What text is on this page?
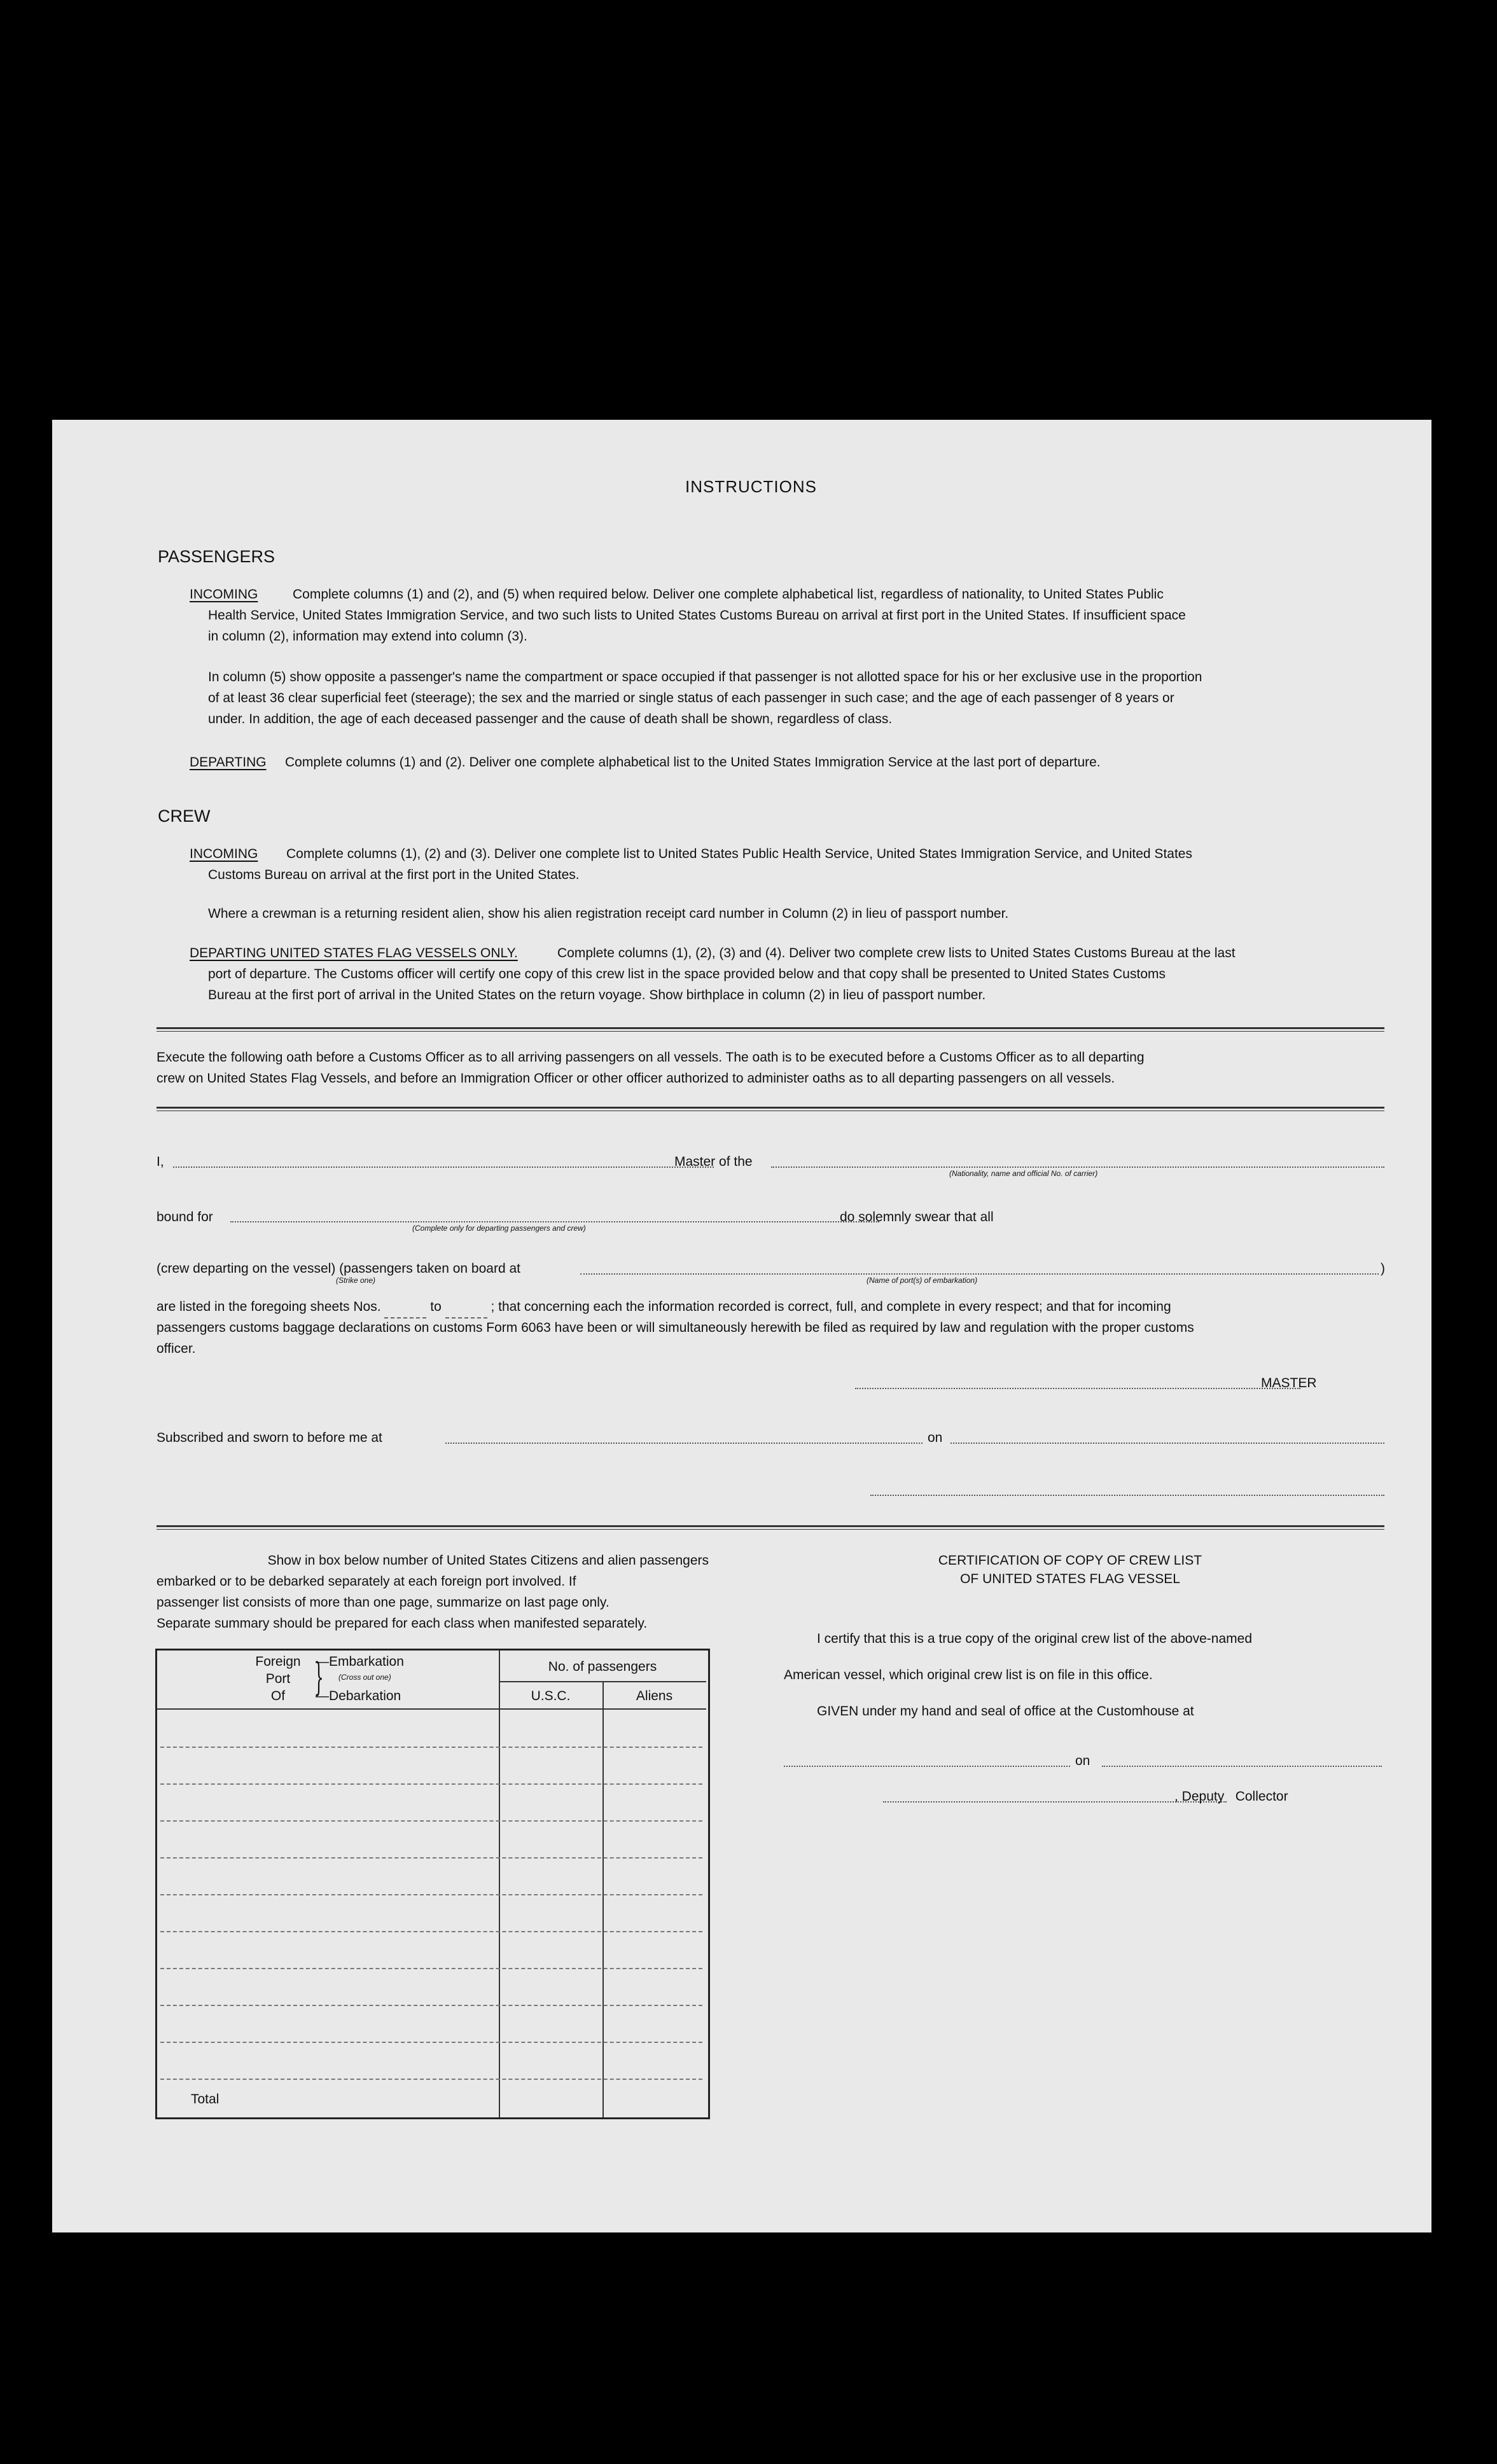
INSTRUCTIONS
PASSENGERS
INCOMING	Complete columns (1) and (2), and (5) when required below. Deliver one complete alphabetical list, regardless of nationality, to United States Public
Health Service, United States Immigration Service, and two such lists to United States Customs Bureau on arrival at first port in the United States. If insufficient space
in column (2), information may extend into column (3).
In column (5) show opposite a passenger's name the compartment or space occupied if that passenger is not allotted space for his or her exclusive use in the proportion
of at least 36 clear superficial feet (steerage); the sex and the married or single status of each passenger in such case; and the age of each passenger of 8 years or
under. In addition, the age of each deceased passenger and the cause of death shall be shown, regardless of class.
DEPARTING Complete columns (1) and (2). Deliver one complete alphabetical list to the United States Immigration Service at the last port of departure.
CREW
INCOMING Complete columns (1), (2) and (3). Deliver one complete list to United States Public Health Service, United States Immigration Service, and United States
Customs Bureau on arrival at the first port in the United States.
Where a crewman is a returning resident alien, show his alien registration receipt card number in Column (2) in lieu of passport number.
DEPARTING UNITED STATES FLAG VESSELS ONLY.	Complete columns (1), (2), (3) and (4). Deliver two complete crew lists to United States Customs Bureau at the last
port of departure. The Customs officer will certify one copy of this crew list in the space provided below and that copy shall be presented to United States Customs
Bureau at the first port of arrival in the United States on the return voyage. Show birthplace in column (2) in lieu of passport number.
Execute the following oath before a Customs Officer as to all arriving passengers on all vessels. The oath is to be executed before a Customs Officer as to all departing
crew on United States Flag Vessels, and before an Immigration Officer or other officer authorized to administer oaths as to all departing passengers on all vessels.
I,	Master of the
(Nationality, name and official No. of carrier)
bound for
(Complete only for departing passengers and crew)
do solemnly swear that all
(crew departing on the vessel) (passengers taken on board at	)
(Strike one)	(Name of port(s) of embarkation)
are listed in the foregoing sheets Nos.	to	; that concerning each the information recorded is correct, full, and complete in every respect; and that for incoming
passengers customs baggage declarations on customs Form 6063 have been or will simultaneously herewith be filed as required by law and regulation with the proper customs
officer.
MASTER
Subscribed and sworn to before me at	on
Show in box below number of United States Citizens and alien passengers
embarked or to be debarked separately at each foreign port involved. If
passenger list consists of more than one page, summarize on last page only.
Separate summary should be prepared for each class when manifested separately.
Foreign
Port
Of }
—Embarkation
(Cross out one)
—Debarkation
No. of passengers
U.S.C.	Aliens
Total
CERTIFICATION OF COPY OF CREW LIST
OF UNITED STATES FLAG VESSEL
I certify that this is a true copy of the original crew list of the above-named
American vessel, which original crew list is on file in this office.
GIVEN under my hand and seal of office at the Customhouse at
on
, Deputy   Collector
